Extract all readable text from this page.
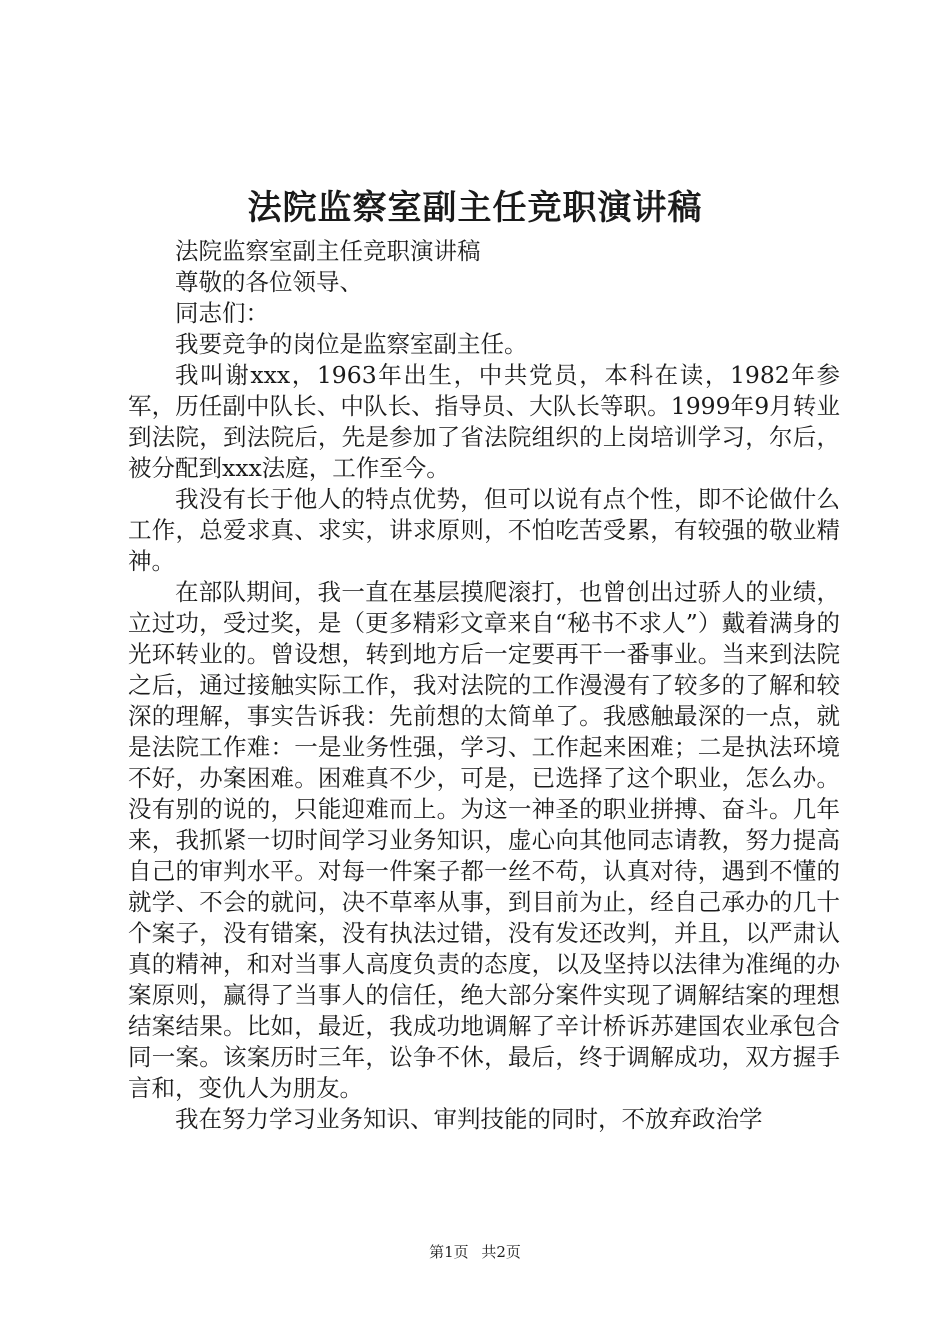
法院监察室副主任竞职演讲稿

法院监察室副主任竞职演讲稿

尊敬的各位领导、

同志们：

我要竞争的岗位是监察室副主任。

我叫谢xxx，1963年出生，中共党员，本科在读，1982年参军，历任副中队长、中队长、指导员、大队长等职。1999年9月转业到法院，到法院后，先是参加了省法院组织的上岗培训学习，尔后，被分配到xxx法庭，工作至今。

我没有长于他人的特点优势，但可以说有点个性，即不论做什么工作，总爱求真、求实，讲求原则，不怕吃苦受累，有较强的敬业精神。

在部队期间，我一直在基层摸爬滚打，也曾创出过骄人的业绩，立过功，受过奖，是（更多精彩文章来自“秘书不求人”）戴着满身的光环转业的。曾设想，转到地方后一定要再干一番事业。当来到法院之后，通过接触实际工作，我对法院的工作漫漫有了较多的了解和较深的理解，事实告诉我：先前想的太简单了。我感触最深的一点，就是法院工作难：一是业务性强，学习、工作起来困难；二是执法环境不好，办案困难。困难真不少，可是，已选择了这个职业，怎么办。没有别的说的，只能迎难而上。为这一神圣的职业拼搏、奋斗。几年来，我抓紧一切时间学习业务知识，虚心向其他同志请教，努力提高自己的审判水平。对每一件案子都一丝不苟，认真对待，遇到不懂的就学、不会的就问，决不草率从事，到目前为止，经自己承办的几十个案子，没有错案，没有执法过错，没有发还改判，并且，以严肃认真的精神，和对当事人高度负责的态度，以及坚持以法律为准绳的办案原则，赢得了当事人的信任，绝大部分案件实现了调解结案的理想结案结果。比如，最近，我成功地调解了辛计桥诉苏建国农业承包合同一案。该案历时三年，讼争不休，最后，终于调解成功，双方握手言和，变仇人为朋友。

我在努力学习业务知识、审判技能的同时，不放弃政治学

第1页 共2页
